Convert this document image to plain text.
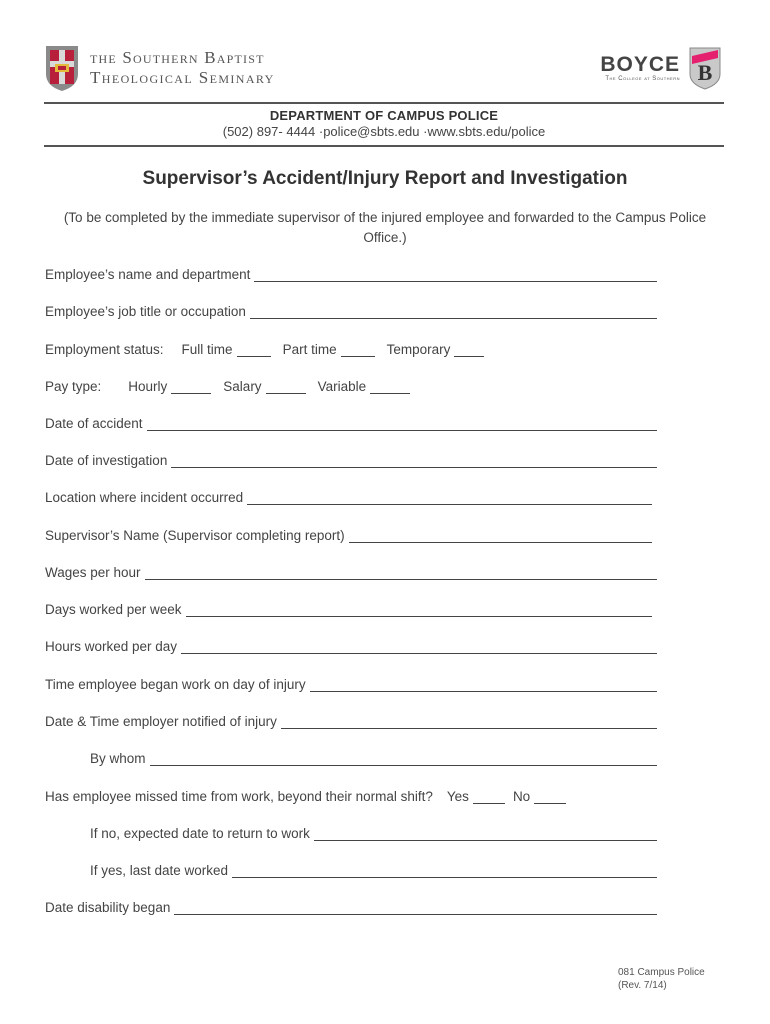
the Southern Baptist
Theological Seminary
BOYCE
The College at Southern B
DEPARTMENT OF CAMPUS POLICE
(502) 897- 4444 ·police@sbts.edu ·www.sbts.edu/police
Supervisor’s Accident/Injury Report and Investigation
(To be completed by the immediate supervisor of the injured employee and forwarded to the Campus Police Office.)
Employee’s name and department
Employee’s job title or occupation
Employment status: Full time	Part time	Temporary
Pay type: Hourly	Salary	Variable
Date of accident
Date of investigation
Location where incident occurred
Supervisor’s Name (Supervisor completing report)
Wages per hour
Days worked per week
Hours worked per day
Time employee began work on day of injury
Date & Time employer notified of injury
By whom
Has employee missed time from work, beyond their normal shift? Yes	No
If no, expected date to return to work
If yes, last date worked
Date disability began
081 Campus Police
(Rev. 7/14)
